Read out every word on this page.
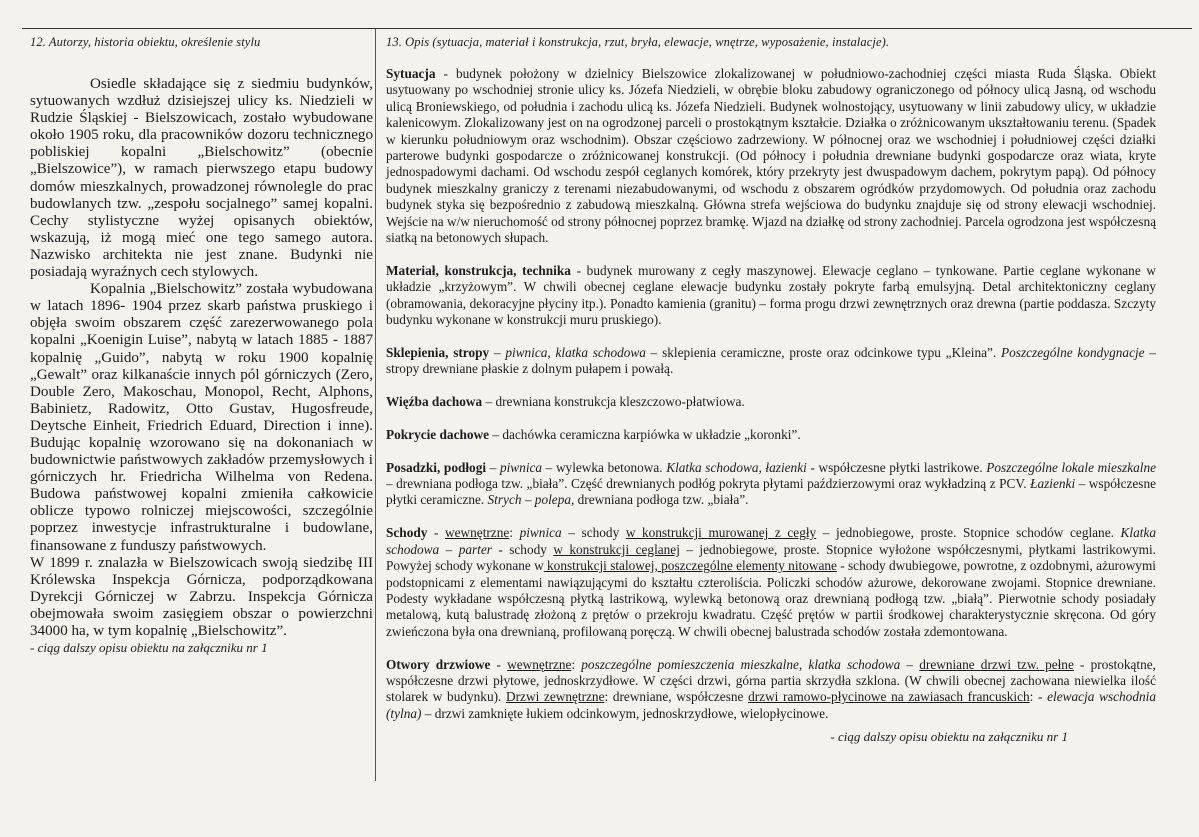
12. Autorzy, historia obiektu, określenie stylu

Osiedle składające się z siedmiu budynków, sytuowanych wzdłuż dzisiejszej ulicy ks. Niedzieli w Rudzie Śląskiej - Bielszowicach, zostało wybudowane około 1905 roku, dla pracowników dozoru technicznego pobliskiej kopalni „Bielschowitz” (obecnie „Bielszowice”), w ramach pierwszego etapu budowy domów mieszkalnych, prowadzonej równolegle do prac budowlanych tzw. „zespołu socjalnego” samej kopalni. Cechy stylistyczne wyżej opisanych obiektów, wskazują, iż mogą mieć one tego samego autora. Nazwisko architekta nie jest znane. Budynki nie posiadają wyraźnych cech stylowych.

Kopalnia „Bielschowitz” została wybudowana w latach 1896- 1904 przez skarb państwa pruskiego i objęła swoim obszarem część zarezerwowanego pola kopalni „Koenigin Luise”, nabytą w latach 1885 - 1887 kopalnię „Guido”, nabytą w roku 1900 kopalnię „Gewalt” oraz kilkanaście innych pól górniczych (Zero, Double Zero, Makoschau, Monopol, Recht, Alphons, Babinietz, Radowitz, Otto Gustav, Hugosfreude, Deytsche Einheit, Friedrich Eduard, Direction i inne). Budując kopalnię wzorowano się na dokonaniach w budownictwie państwowych zakładów przemysłowych i górniczych hr. Friedricha Wilhelma von Redena. Budowa państwowej kopalni zmieniła całkowicie oblicze typowo rolniczej miejscowości, szczególnie poprzez inwestycje infrastrukturalne i budowlane, finansowane z funduszy państwowych.

W 1899 r. znalazła w Bielszowicach swoją siedzibę III Królewska Inspekcja Górnicza, podporządkowana Dyrekcji Górniczej w Zabrzu. Inspekcja Górnicza obejmowała swoim zasięgiem obszar o powierzchni 34000 ha, w tym kopalnię „Bielschowitz”.

- ciąg dalszy opisu obiektu na załączniku nr 1
13. Opis (sytuacja, materiał i konstrukcja, rzut, bryła, elewacje, wnętrze, wyposażenie, instalacje).

Sytuacja - budynek położony w dzielnicy Bielszowice zlokalizowanej w południowo-zachodniej części miasta Ruda Śląska. Obiekt usytuowany po wschodniej stronie ulicy ks. Józefa Niedzieli, w obrębie bloku zabudowy ograniczonego od północy ulicą Jasną, od wschodu ulicą Broniewskiego, od południa i zachodu ulicą ks. Józefa Niedzieli. Budynek wolnostojący, usytuowany w linii zabudowy ulicy, w układzie kalenicowym. Zlokalizowany jest on na ogrodzonej parceli o prostokątnym kształcie. Działka o zróżnicowanym ukształtowaniu terenu. (Spadek w kierunku południowym oraz wschodnim). Obszar częściowo zadrzewiony. W północnej oraz we wschodniej i południowej części działki parterowe budynki gospodarcze o zróżnicowanej konstrukcji. (Od północy i południa drewniane budynki gospodarcze oraz wiata, kryte jednospadowymi dachami. Od wschodu zespół ceglanych komórek, który przekryty jest dwuspadowym dachem, pokrytym papą). Od północy budynek mieszkalny graniczy z terenami niezabudowanymi, od wschodu z obszarem ogródków przydomowych. Od południa oraz zachodu budynek styka się bezpośrednio z zabudową mieszkalną. Główna strefa wejściowa do budynku znajduje się od strony elewacji wschodniej. Wejście na w/w nieruchomość od strony północnej poprzez bramkę. Wjazd na działkę od strony zachodniej. Parcela ogrodzona jest współczesną siatką na betonowych słupach.

Materiał, konstrukcja, technika - budynek murowany z cegły maszynowej. Elewacje ceglano – tynkowane. Partie ceglane wykonane w układzie „krzyżowym”. W chwili obecnej ceglane elewacje budynku zostały pokryte farbą emulsyjną. Detal architektoniczny ceglany (obramowania, dekoracyjne płyciny itp.). Ponadto kamienia (granitu) – forma progu drzwi zewnętrznych oraz drewna (partie poddasza. Szczyty budynku wykonane w konstrukcji muru pruskiego).

Sklepienia, stropy – piwnica, klatka schodowa – sklepienia ceramiczne, proste oraz odcinkowe typu „Kleina”. Poszczególne kondygnacje – stropy drewniane płaskie z dolnym pułapem i powałą.

Więźba dachowa – drewniana konstrukcja kleszczowo-płatwiowa.

Pokrycie dachowe – dachówka ceramiczna karpiówka w układzie „koronki”.

Posadzki, podłogi – piwnica – wylewka betonowa. Klatka schodowa, łazienki - współczesne płytki lastrikowe. Poszczególne lokale mieszkalne – drewniana podłoga tzw. „biała”. Część drewnianych podłóg pokryta płytami paździerzowymi oraz wykładziną z PCV. Łazienki – współczesne płytki ceramiczne. Strych – polepa, drewniana podłoga tzw. „biała”.

Schody - wewnętrzne: piwnica – schody w konstrukcji murowanej z cegły – jednobiegowe, proste. Stopnice schodów ceglane. Klatka schodowa – parter - schody w konstrukcji ceglanej – jednobiegowe, proste. Stopnice wyłożone współczesnymi, płytkami lastrikowymi. Powyżej schody wykonane w konstrukcji stalowej, poszczególne elementy nitowane - schody dwubiegowe, powrotne, z ozdobnymi, ażurowymi podstopnicami z elementami nawiązującymi do kształtu czteroliścia. Policzki schodów ażurowe, dekorowane zwojami. Stopnice drewniane. Podesty wykładane współczesną płytką lastrikową, wylewką betonową oraz drewnianą podłogą tzw. „białą”. Pierwotnie schody posiadały metalową, kutą balustradę złożoną z prętów o przekroju kwadratu. Część prętów w partii środkowej charakterystycznie skręcona. Od góry zwieńczona była ona drewnianą, profilowaną poręczą. W chwili obecnej balustrada schodów została zdemontowana.

Otwory drzwiowe - wewnętrzne: poszczególne pomieszczenia mieszkalne, klatka schodowa – drewniane drzwi tzw. pełne - prostokątne, współczesne drzwi płytowe, jednoskrzydłowe. W części drzwi, górna partia skrzydła szklona. (W chwili obecnej zachowana niewielka ilość stolarek w budynku). Drzwi zewnętrzne: drewniane, współczesne drzwi ramowo-płycinowe na zawiasach francuskich: - elewacja wschodnia (tylna) – drzwi zamknięte łukiem odcinkowym, jednoskrzydłowe, wielopłycinowe.

- ciąg dalszy opisu obiektu na załączniku nr 1
